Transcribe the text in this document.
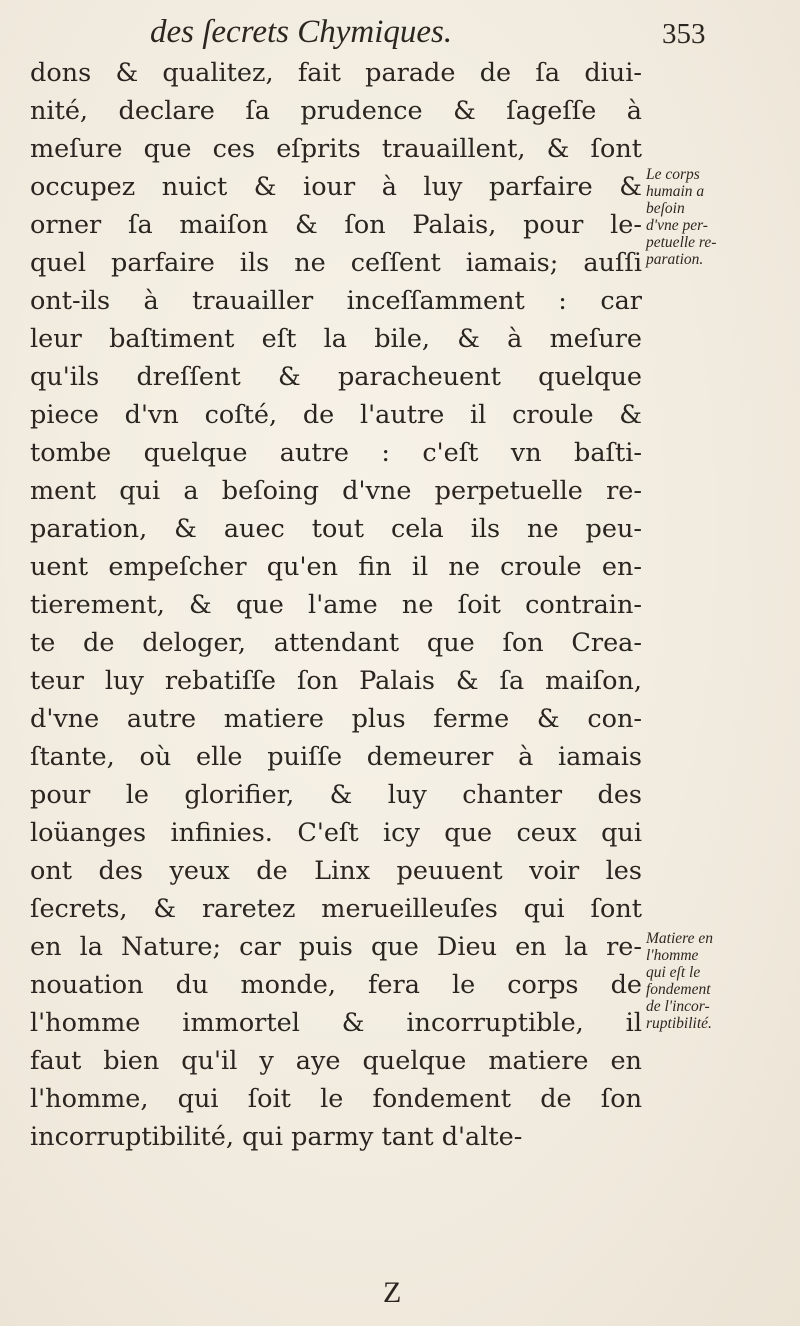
des ſecrets Chymiques.	353
dons & qualitez, fait parade de ſa diui-
nité, declare ſa prudence & ſageſſe à
meſure que ces eſprits trauaillent, & ſont
occupez nuict & iour à luy parfaire &
orner ſa maiſon & ſon Palais, pour le-
quel parfaire ils ne ceſſent iamais; auſſi
ont-ils à trauailler inceſſamment : car
leur baſtiment eſt la bile, & à meſure
qu'ils dreſſent & paracheuent quelque
piece d'vn coſté, de l'autre il croule &
tombe quelque autre : c'eſt vn baſti-
ment qui a beſoing d'vne perpetuelle re-
paration, & auec tout cela ils ne peu-
uent empeſcher qu'en fin il ne croule en-
tierement, & que l'ame ne ſoit contrain-
te de deloger, attendant que ſon Crea-
teur luy rebatiſſe ſon Palais & ſa maiſon,
d'vne autre matiere plus ferme & con-
ſtante, où elle puiſſe demeurer à iamais
pour le glorifier, & luy chanter des
loüanges infinies. C'eſt icy que ceux qui
ont des yeux de Linx peuuent voir les
ſecrets, & raretez merueilleuſes qui ſont
en la Nature; car puis que Dieu en la re-
nouation du monde, fera le corps de
l'homme immortel & incorruptible, il
faut bien qu'il y aye quelque matiere en
l'homme, qui ſoit le fondement de ſon
incorruptibilité, qui parmy tant d'alte-
Le corps
humain a
beſoin
d'vne per-
petuelle re-
paration.
Matiere en
l'homme
qui eſt le
fondement
de l'incor-
ruptibilité.
Z
